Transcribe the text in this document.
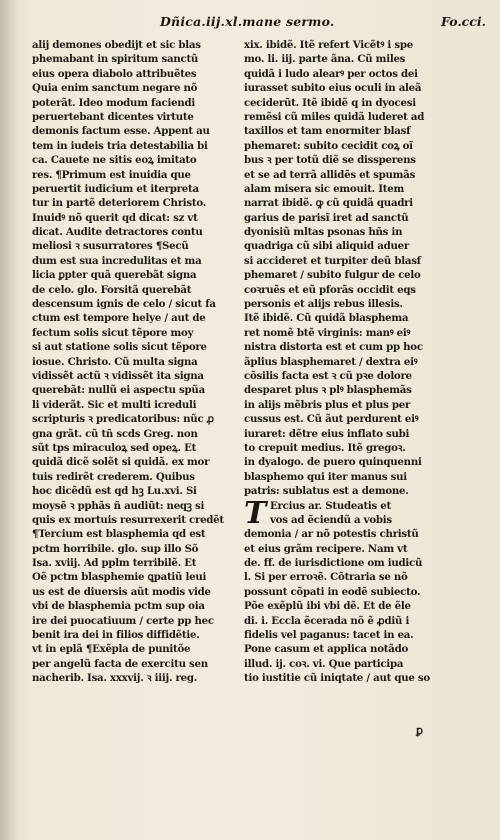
Dñica.iij.xl.mane sermo.	Fo.cci.
alij demones obedijt et sic blas
phemabant in spiritum sanctũ
eius opera diabolo attribuẽtes
Quia enim sanctum negare nõ
poterãt. Ideo modum faciendi
peruertebant dicentes virtute
demonis factum esse. Appent au
tem in iudeis tria detestabilia bi
ca. Cauete ne sitis eoꝝ imitato
res. ¶Primum est inuidia que
peruertit iudicium et iterpreta
tur in partẽ deteriorem Christo.
Inuidꝰ nõ querit qd dicat: sz vt
dicat. Audite detractores contu
meliosi ꝛ susurratores ¶Secũ
dum est sua incredulitas et ma
licia ꝑpter quã querebãt signa
de celo. glo. Forsitã querebãt
descensum ignis de celo / sicut fa
ctum est tempore helye / aut de
fectum solis sicut tẽpore moy
si aut statione solis sicut tẽpore
iosue. Christo. Cũ multa signa
vidissẽt actũ ꝛ vidissẽt ita signa
querebãt: nullũ ei aspectu spũa
li viderãt. Sic et multi icreduli
scripturis ꝛ predicatoribus: nũc ꝓ
gna grãt. cũ tñ scds Greg. non
sũt tps miraculoꝝ sed opeꝝ. Et
quidã dicẽ solẽt si quidã. ex mor
tuis redirẽt crederem. Quibus
hoc dicẽdũ est qd hꝫ Lu.xvi. Si
moysẽ ꝛ pphãs ñ audiũt: neqꝫ si
quis ex mortuis resurrexerit credẽt
¶Tercium est blasphemia qd est
pctm horribile. glo. sup illo Sõ
Isa. xviij. Ad pplm terribilẽ. Et
Oẽ pctm blasphemie ꝗpatiũ leui
us est de diuersis aũt modis vide
vbi de blasphemia pctm sup oia
ire dei puocatiuum / certe pp hec
benit ira dei in filios diffidẽtie.
vt in eplã ¶Exẽpla de punitõe
per angelũ facta de exercitu sen
nacherib. Isa. xxxvij. ꝛ iiij. reg.
xix. ibidẽ. Itẽ refert Vicẽtꝰ i spe
mo. li. iij. parte ãna. Cũ miles
quidã i ludo alearꝰ per octos dei
iurasset subito eius oculi in aleã
ceciderũt. Itẽ ibidẽ q in dyocesi
remẽsi cũ miles quidã luderet ad
taxillos et tam enormiter blasf
phemaret: subito cecidit coꝝ oĩ
bus ꝛ per totũ diẽ se dissperens
et se ad terrã allidẽs et spumãs
alam misera sic emouit. Item
narrat ibidẽ. ꝙ cũ quidã quadri
garius de parisĩ iret ad sanctũ
dyonisiũ mltas psonas hñs in
quadriga cũ sibi aliquid aduer
si accideret et turpiter deũ blasf
phemaret / subito fulgur de celo
coꝛruẽs et eũ pforãs occidit eqs
personis et alijs rebus illesis.
Itẽ ibidẽ. Cũ quidã blasphema
ret nomẽ btẽ virginis: manꝰ eiꝰ
nistra distorta est et cum pp hoc
ãplius blasphemaret / dextra eiꝰ
cõsilis facta est ꝛ cũ pꝛe dolore
desparet plus ꝛ plꝰ blasphemãs
in alijs mẽbris plus et plus per
cussus est. Cũ ãut perdurent eiꝰ
iuraret: dẽtre eius inflato subi
to crepuit medius. Itẽ gregoꝛ.
in dyalogo. de puero quinquenni
blasphemo qui iter manus sui
patris: sublatus est a demone.
T Ercius ar. Studeatis et
vos ad ẽciendũ a vobis
demonia / ar nõ potestis christũ
et eius grãm recipere. Nam vt
de. ff. de iurisdictione om iudicũ
l. Si per erroꝛẽ. Cõtraria se nõ
possunt cõpati in eodẽ subiecto.
Põe exẽplũ ibi vbi dẽ. Et de ẽle
di. i. Eccla ẽcerada nõ ẽ ꝓdiũ i
fidelis vel paganus: tacet in ea.
Pone casum et applica notãdo
illud. ij. coꝛ. vi. Que participa
tio iustitie cũ iniqtate / aut que so
ꝑ
